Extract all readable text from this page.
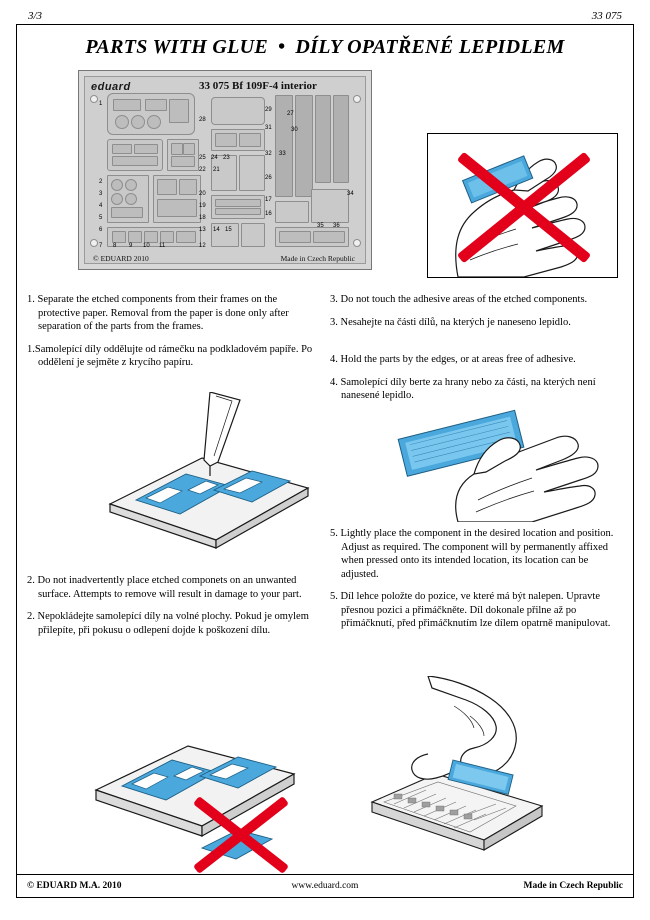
3/3	33 075
PARTS WITH GLUE • DÍLY OPATŘENÉ LEPIDLEM
eduard	33 075 Bf 109F-4 interior
© EDUARD 2010	Made in Czech Republic
1
28
29
31
27
30
32 33
25 24 23
22 21
26
20
19
18
17
16
13 14 15
35 36
12
7 8 9 10 11
2
3
4
5
6
34

1. Separate the etched components from their frames on the protective paper. Removal from the paper is done only after separation of the parts from the frames.

1.Samolepící díly oddělujte od rámečku na podkladovém papíře. Po oddělení je sejměte z krycího papíru.

3. Do not touch the adhesive areas of the etched components.

3. Nesahejte na části dílů, na kterých je naneseno lepidlo.

4. Hold the parts by the edges, or at areas free of adhesive.

4. Samolepící díly berte za hrany nebo za části, na kterých není nanesené lepidlo.

2. Do not inadvertently place etched componets on an unwanted surface. Attempts to remove will result in damage to your part.

2. Nepokládejte samolepící díly na volné plochy. Pokud je omylem přilepíte, při pokusu o odlepení dojde k poškození dílu.

5. Lightly place the component in the desired location and position. Adjust as required. The component will by permanently affixed when pressed onto its intended location, its location can be adjusted.

5. Díl lehce položte do pozice, ve které má být nalepen. Upravte přesnou pozici a přimáčkněte. Díl dokonale přilne až po přimáčknutí, před přimáčknutím lze dílem opatrně manipulovat.

© EDUARD M.A. 2010	www.eduard.com	Made in Czech Republic
